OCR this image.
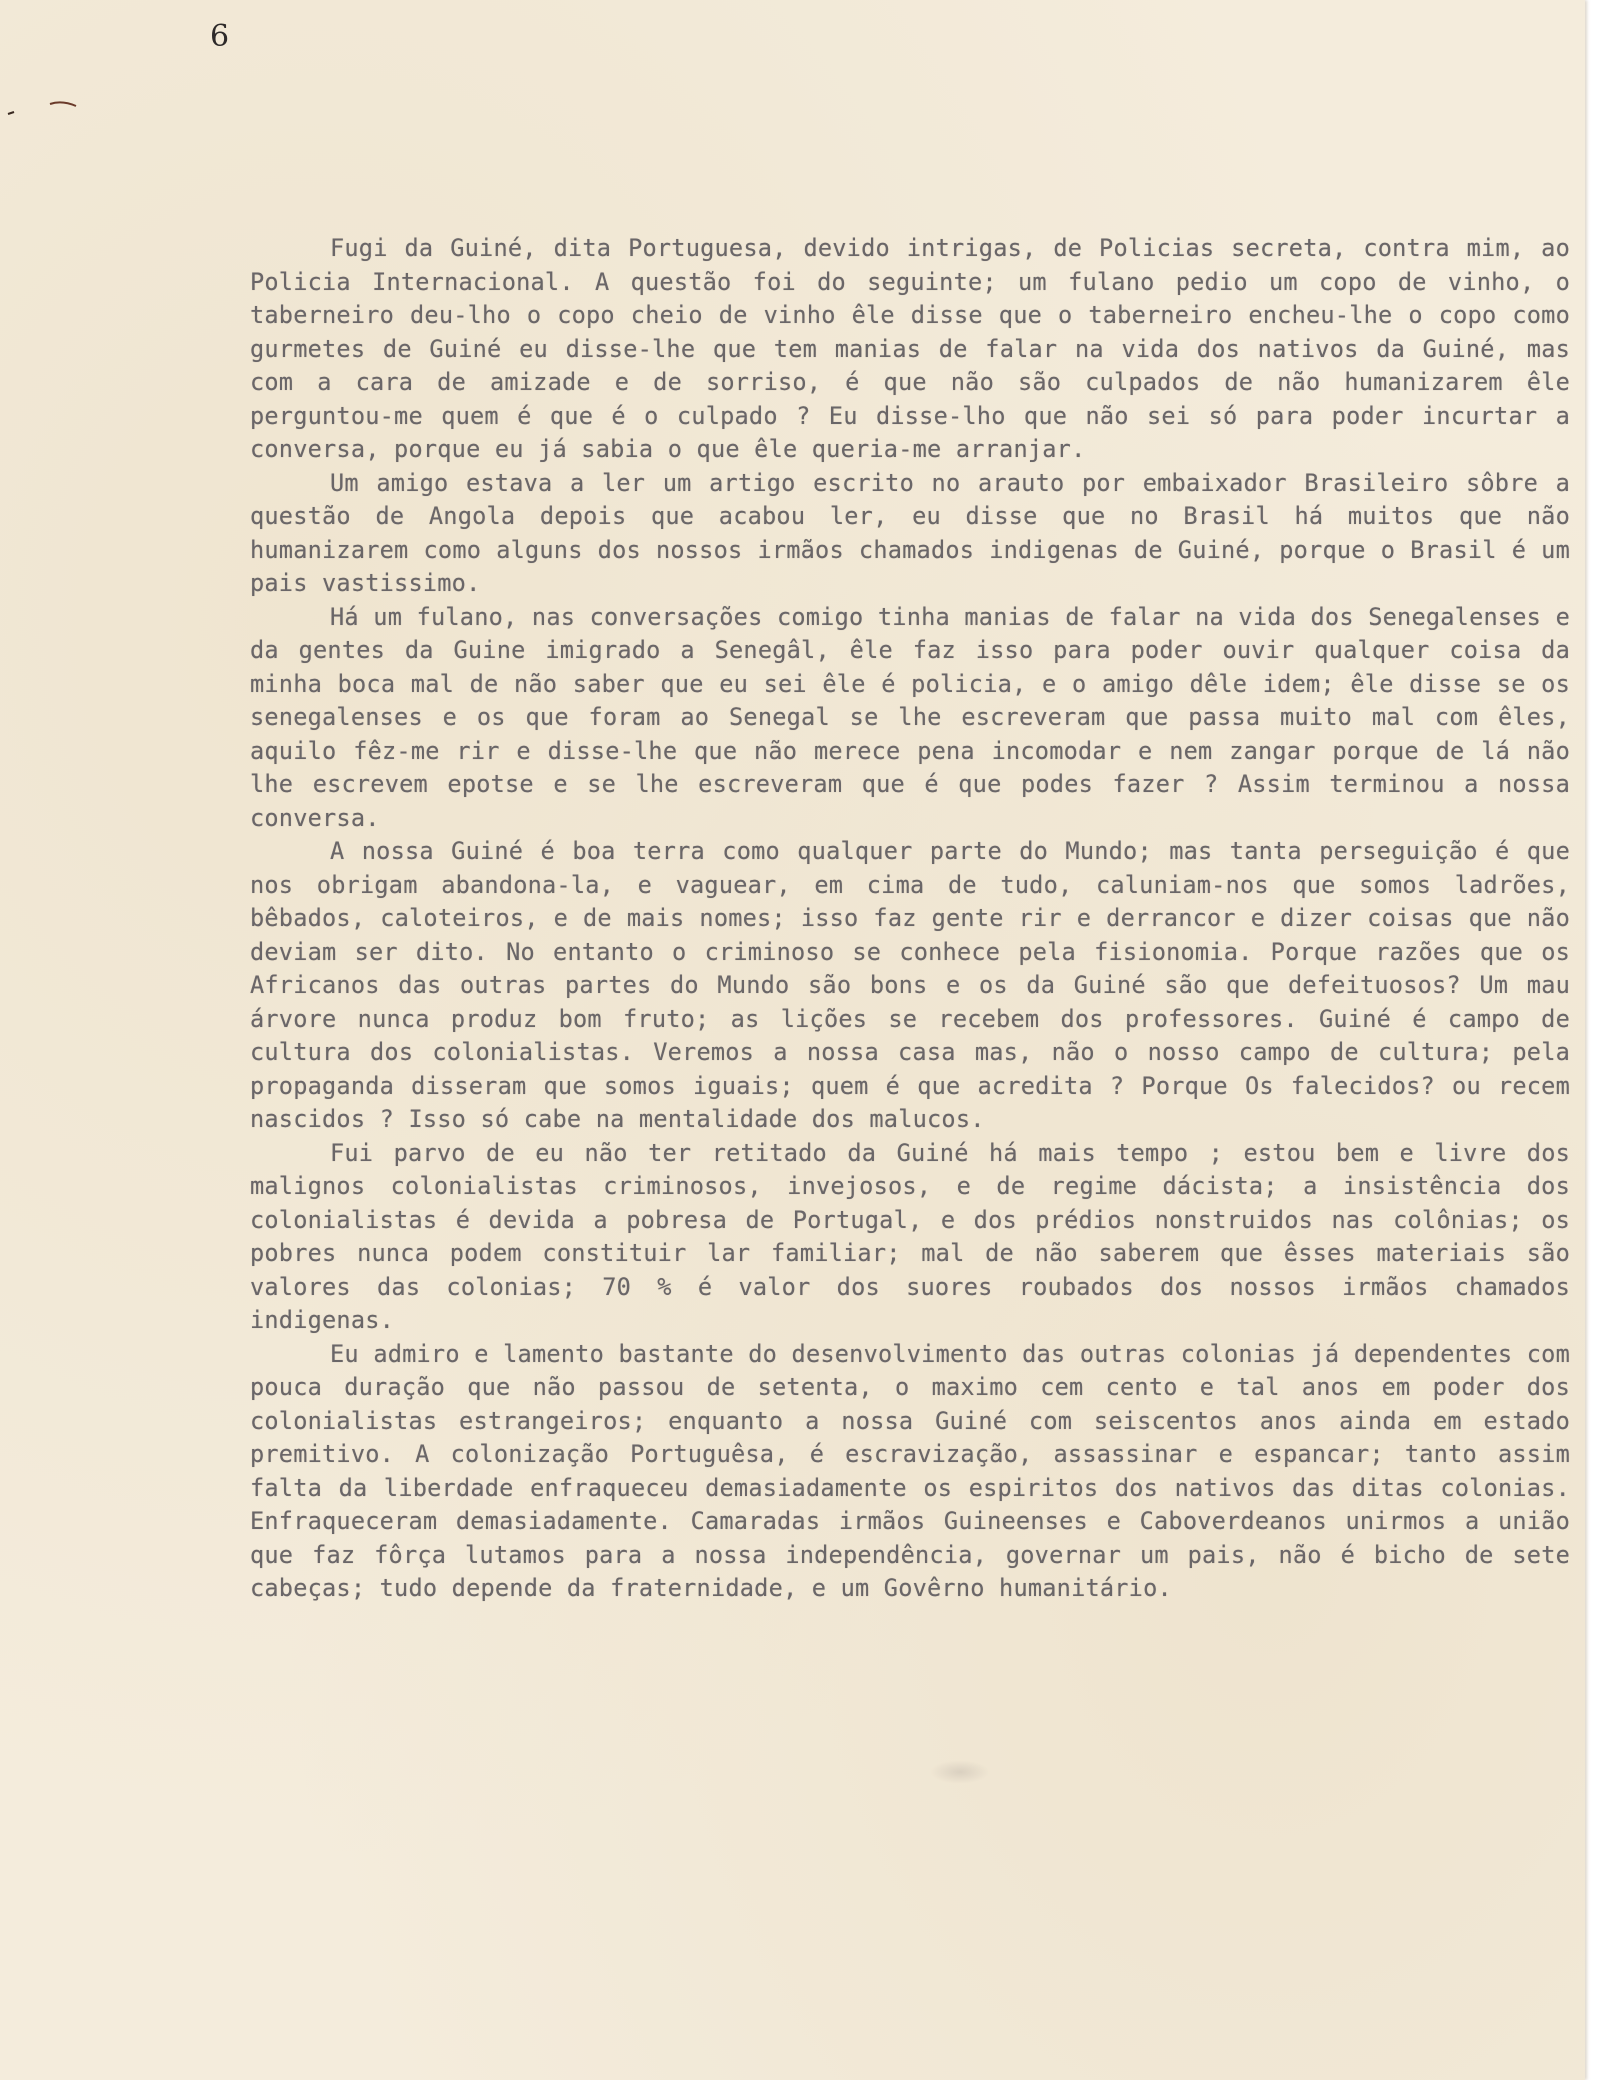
6

Fugi da Guiné, dita Portuguesa, devido intrigas, de Policias secreta, contra mim, ao Policia Internacional. A questão foi do seguinte; um fulano pedio um copo de vinho, o taberneiro deu-lho o copo cheio de vinho êle disse que o taberneiro encheu-lhe o copo como gurmetes de Guiné eu disse-lhe que tem manias de falar na vida dos nativos da Guiné, mas com a cara de amizade e de sorriso, é que não são culpados de não humanizarem êle perguntou-me quem é que é o culpado ? Eu disse-lho que não sei só para poder incurtar a conversa, porque eu já sabia o que êle queria-me arranjar.

Um amigo estava a ler um artigo escrito no arauto por embaixador Brasileiro sôbre a questão de Angola depois que acabou ler, eu disse que no Brasil há muitos que não humanizarem como alguns dos nossos irmãos chamados indigenas de Guiné, porque o Brasil é um pais vastissimo.

Há um fulano, nas conversações comigo tinha manias de falar na vida dos Senegalenses e da gentes da Guine imigrado a Senegâl, êle faz isso para poder ouvir qualquer coisa da minha boca mal de não saber que eu sei êle é policia, e o amigo dêle idem; êle disse se os senegalenses e os que foram ao Senegal se lhe escreveram que passa muito mal com êles, aquilo fêz-me rir e disse-lhe que não merece pena incomodar e nem zangar porque de lá não lhe escrevem epotse e se lhe escreveram que é que podes fazer ? Assim terminou a nossa conversa.

A nossa Guiné é boa terra como qualquer parte do Mundo; mas tanta perseguição é que nos obrigam abandona-la, e vaguear, em cima de tudo, caluniam-nos que somos ladrões, bêbados, caloteiros, e de mais nomes; isso faz gente rir e derrancor e dizer coisas que não deviam ser dito. No entanto o criminoso se conhece pela fisionomia. Porque razões que os Africanos das outras partes do Mundo são bons e os da Guiné são que defeituosos? Um mau árvore nunca produz bom fruto; as lições se recebem dos professores. Guiné é campo de cultura dos colonialistas. Veremos a nossa casa mas, não o nosso campo de cultura; pela propaganda disseram que somos iguais; quem é que acredita ? Porque Os falecidos? ou recem nascidos ? Isso só cabe na mentalidade dos malucos.

Fui parvo de eu não ter retitado da Guiné há mais tempo ; estou bem e livre dos malignos colonialistas criminosos, invejosos, e de regime dácista; a insistência dos colonialistas é devida a pobresa de Portugal, e dos prédios nonstruidos nas colônias; os pobres nunca podem constituir lar familiar; mal de não saberem que êsses materiais são valores das colonias; 70 % é valor dos suores roubados dos nossos irmãos chamados indigenas.

Eu admiro e lamento bastante do desenvolvimento das outras colonias já dependentes com pouca duração que não passou de setenta, o maximo cem cento e tal anos em poder dos colonialistas estrangeiros; enquanto a nossa Guiné com seiscentos anos ainda em estado premitivo. A colonização Portuguêsa, é escravização, assassinar e espancar; tanto assim falta da liberdade enfraqueceu demasiadamente os espiritos dos nativos das ditas colonias. Enfraqueceram demasiadamente. Camaradas irmãos Guineenses e Caboverdeanos unirmos a união que faz fôrça lutamos para a nossa independência, governar um pais, não é bicho de sete cabeças; tudo depende da fraternidade, e um Govêrno humanitário.
